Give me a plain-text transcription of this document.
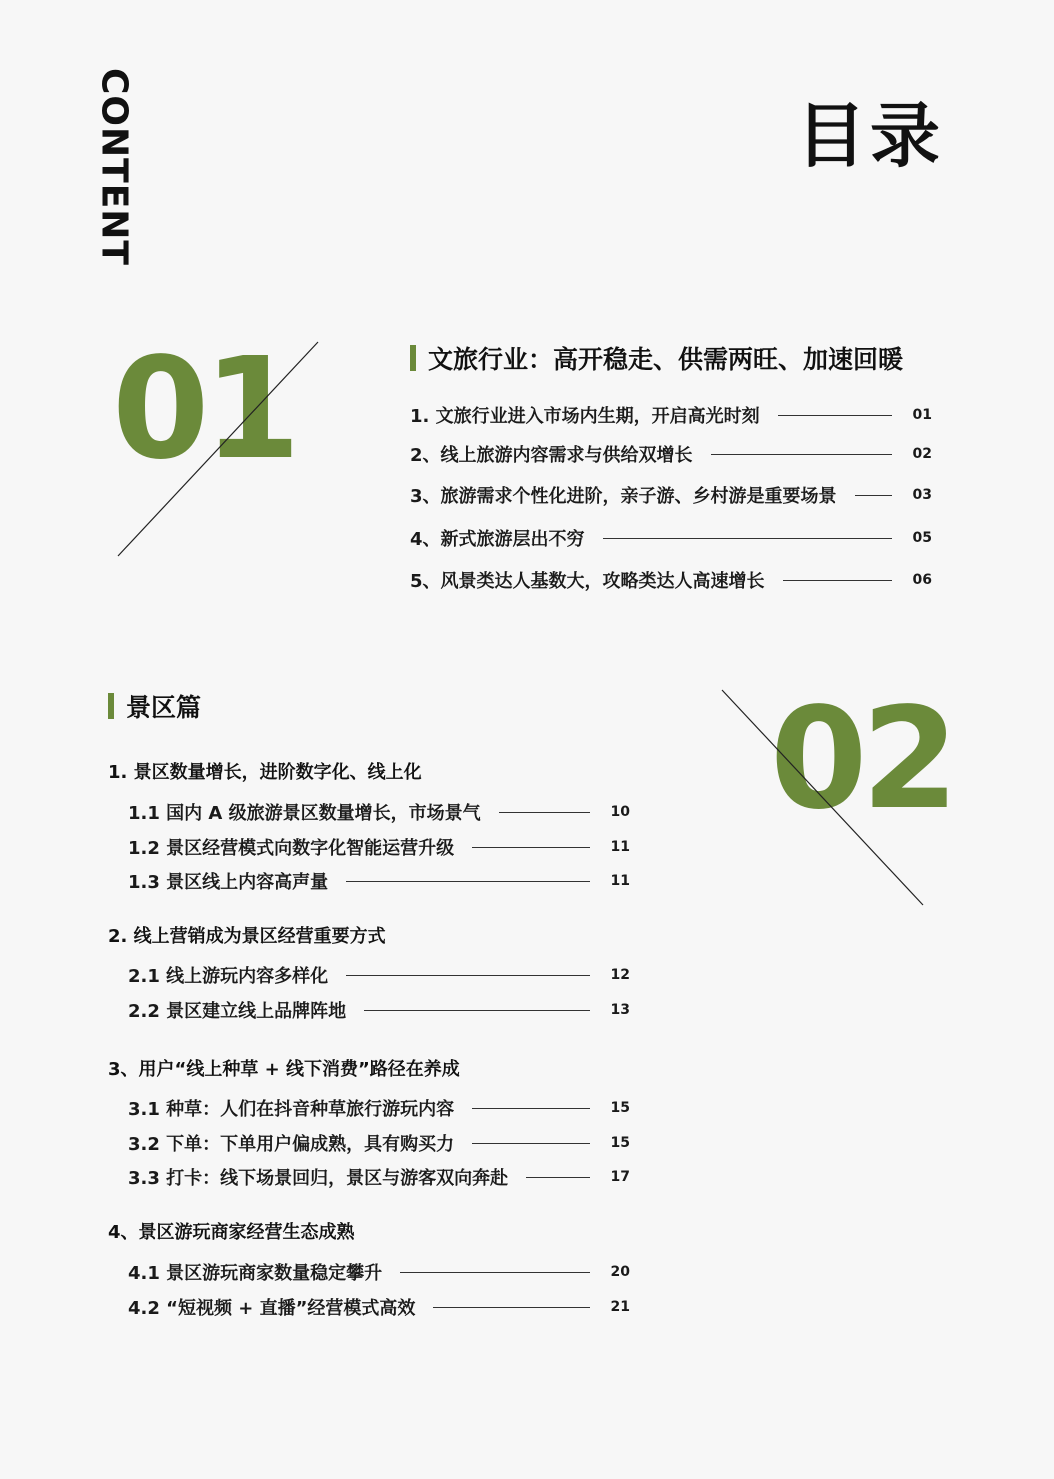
CONTENT	目录
01	文旅行业：高开稳走、供需两旺、加速回暖
1. 文旅行业进入市场内生期，开启高光时刻	01
2、线上旅游内容需求与供给双增长	02
3、旅游需求个性化进阶，亲子游、乡村游是重要场景	03
4、新式旅游层出不穷	05
5、风景类达人基数大，攻略类达人高速增长	06
02
景区篇
1. 景区数量增长，进阶数字化、线上化
1.1 国内 A 级旅游景区数量增长，市场景气	10
1.2 景区经营模式向数字化智能运营升级	11
1.3 景区线上内容高声量	11
2. 线上营销成为景区经营重要方式
2.1 线上游玩内容多样化	12
2.2 景区建立线上品牌阵地	13
3、用户“线上种草 + 线下消费”路径在养成
3.1 种草：人们在抖音种草旅行游玩内容	15
3.2 下单：下单用户偏成熟，具有购买力	15
3.3 打卡：线下场景回归，景区与游客双向奔赴	17
4、景区游玩商家经营生态成熟
4.1 景区游玩商家数量稳定攀升	20
4.2 “短视频 + 直播”经营模式高效	21
